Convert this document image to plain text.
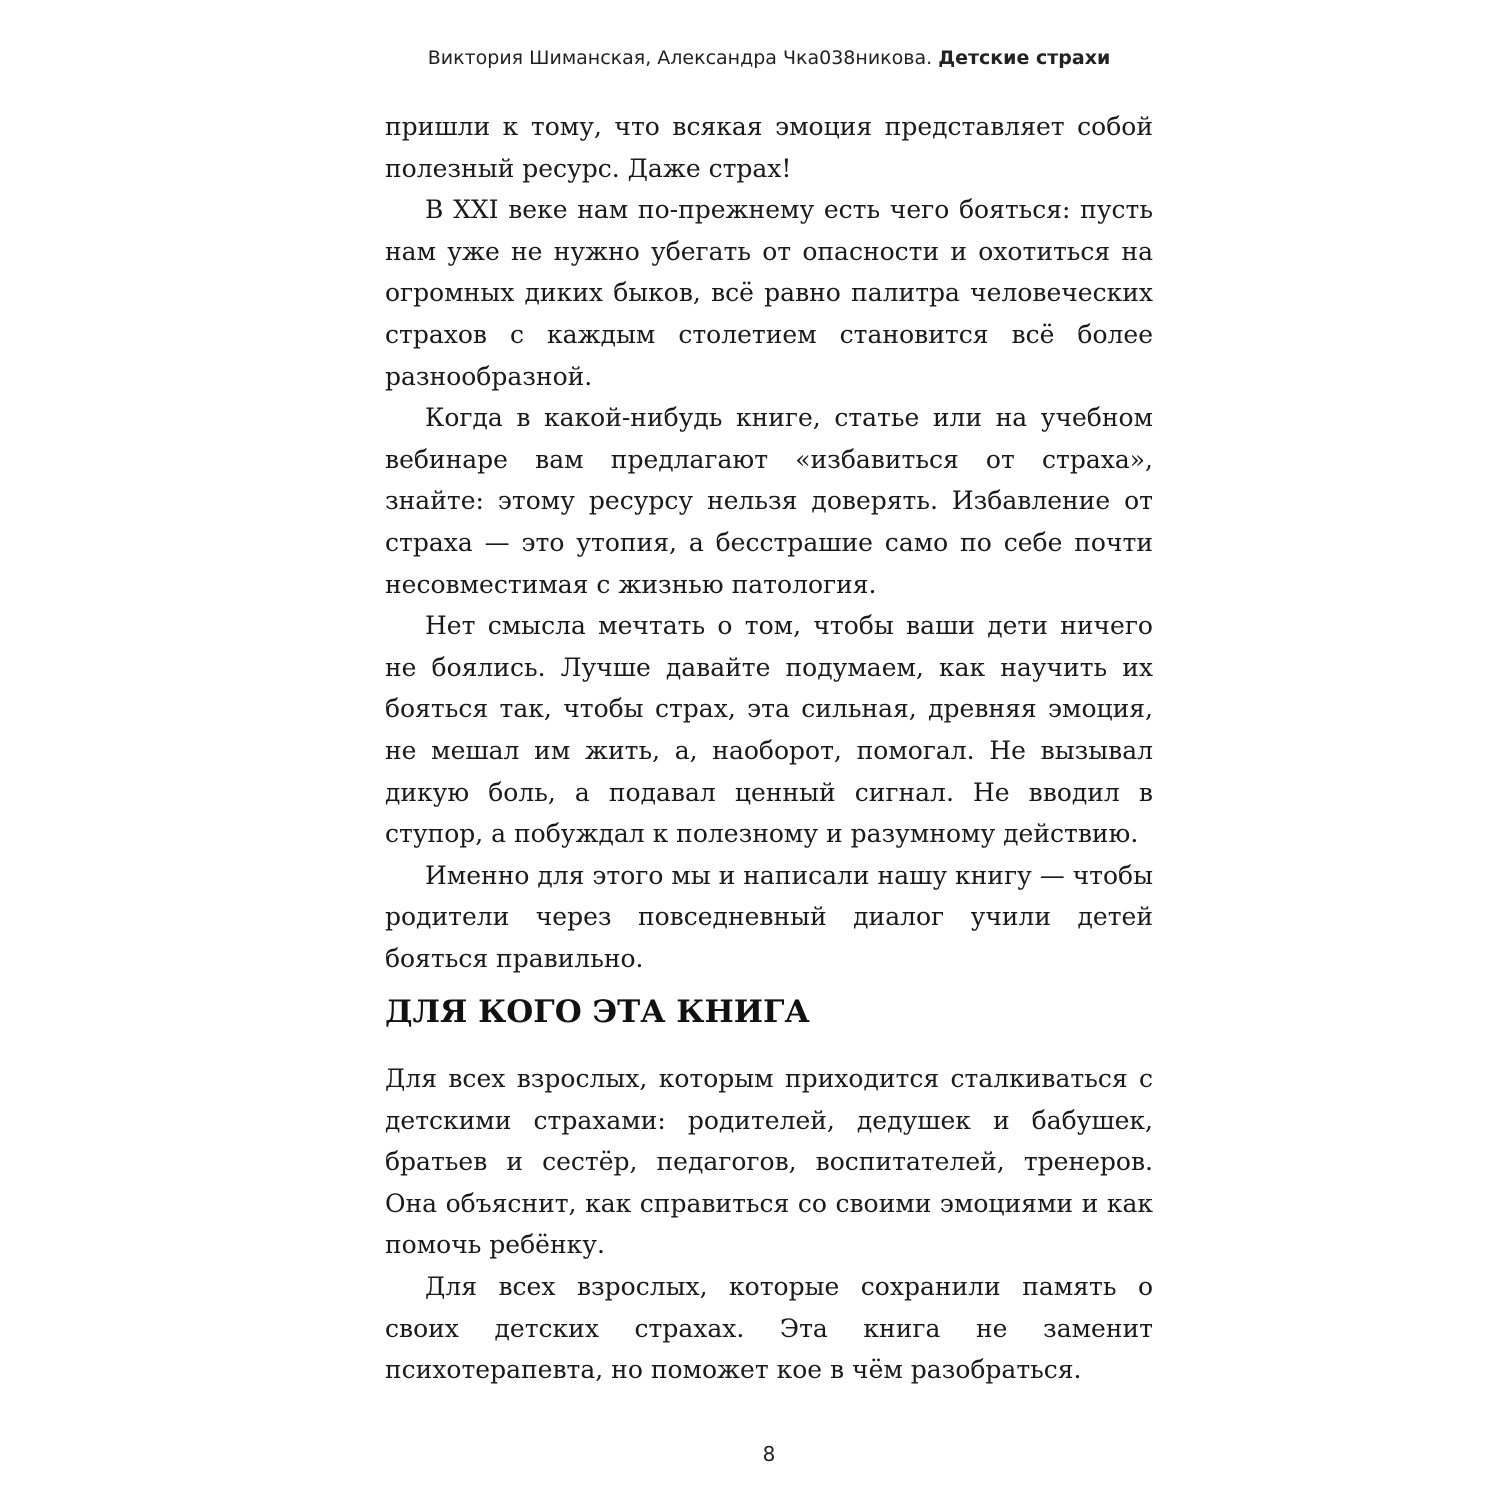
Виктория Шиманская, Александра Чка038никова. Детские страхи

пришли к тому, что всякая эмоция представляет собой полезный ресурс. Даже страх!

В XXI веке нам по-прежнему есть чего бояться: пусть нам уже не нужно убегать от опасности и охотиться на огромных диких быков, всё равно палитра человеческих страхов с каждым столетием становится всё более разнообразной.

Когда в какой-нибудь книге, статье или на учебном вебинаре вам предлагают «избавиться от страха», знайте: этому ресурсу нельзя доверять. Избавление от страха — это утопия, а бесстрашие само по себе почти несовместимая с жизнью патология.

Нет смысла мечтать о том, чтобы ваши дети ничего не боялись. Лучше давайте подумаем, как научить их бояться так, чтобы страх, эта сильная, древняя эмоция, не мешал им жить, а, наоборот, помогал. Не вызывал дикую боль, а подавал ценный сигнал. Не вводил в ступор, а побуждал к полезному и разумному действию.

Именно для этого мы и написали нашу книгу — чтобы родители через повседневный диалог учили детей бояться правильно.

ДЛЯ КОГО ЭТА КНИГА

Для всех взрослых, которым приходится сталкиваться с детскими страхами: родителей, дедушек и бабушек, братьев и сестёр, педагогов, воспитателей, тренеров. Она объяснит, как справиться со своими эмоциями и как помочь ребёнку.

Для всех взрослых, которые сохранили память о своих детских страхах. Эта книга не заменит психотерапевта, но поможет кое в чём разобраться.

8
